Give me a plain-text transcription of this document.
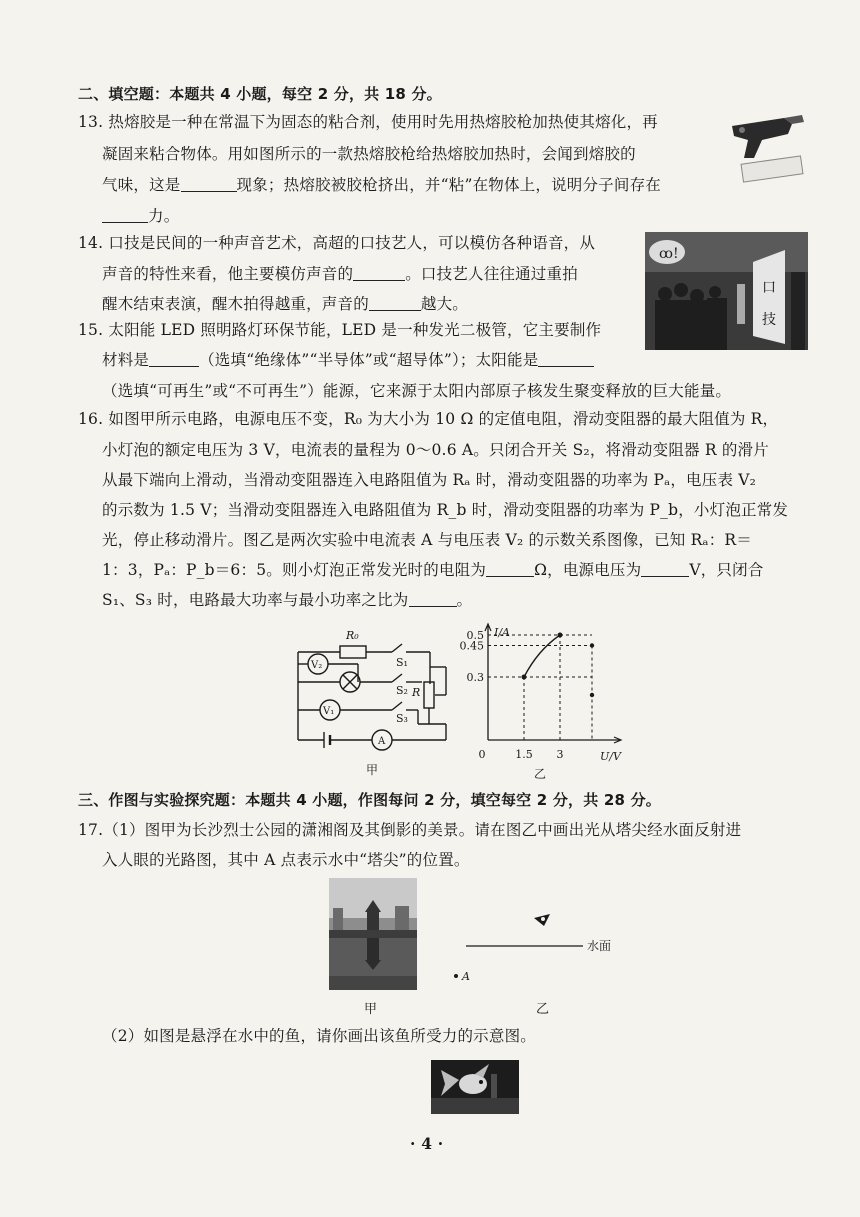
二、填空题：本题共 4 小题，每空 2 分，共 18 分。
13. 热熔胶是一种在常温下为固态的粘合剂，使用时先用热熔胶枪加热使其熔化，再
凝固来粘合物体。用如图所示的一款热熔胶枪给热熔胶加热时，会闻到熔胶的
气味，这是	现象；热熔胶被胶枪挤出，并“粘”在物体上，说明分子间存在
力。
14. 口技是民间的一种声音艺术，高超的口技艺人，可以模仿各种语音，从
声音的特性来看，他主要模仿声音的	。口技艺人往往通过重拍
醒木结束表演，醒木拍得越重，声音的	越大。
ꝏ!
口
技
15. 太阳能 LED 照明路灯环保节能，LED 是一种发光二极管，它主要制作
材料是	（选填“绝缘体”“半导体”或“超导体”）；太阳能是
（选填“可再生”或“不可再生”）能源，它来源于太阳内部原子核发生聚变释放的巨大能量。
16. 如图甲所示电路，电源电压不变，R₀ 为大小为 10 Ω 的定值电阻，滑动变阻器的最大阻值为 R，
小灯泡的额定电压为 3 V，电流表的量程为 0～0.6 A。只闭合开关 S₂，将滑动变阻器 R 的滑片
从最下端向上滑动，当滑动变阻器连入电路阻值为 Rₐ 时，滑动变阻器的功率为 Pₐ，电压表 V₂
的示数为 1.5 V；当滑动变阻器连入电路阻值为 R_b 时，滑动变阻器的功率为 P_b，小灯泡正常发
光，停止移动滑片。图乙是两次实验中电流表 A 与电压表 V₂ 的示数关系图像，已知 Rₐ：R＝
1：3，Pₐ：P_b＝6：5。则小灯泡正常发光时的电阻为	Ω，电源电压为	V，只闭合
S₁、S₃ 时，电路最大功率与最小功率之比为	。
R₀
V₂	S₁
S₂ R
V₁
S₃
A
甲
I/A
U/V
0	1.5 3
0.3
0.45
0.5
乙
三、作图与实验探究题：本题共 4 小题，作图每问 2 分，填空每空 2 分，共 28 分。
17.（1）图甲为长沙烈士公园的潇湘阁及其倒影的美景。请在图乙中画出光从塔尖经水面反射进
入人眼的光路图，其中 A 点表示水中“塔尖”的位置。
甲
水面
A
乙
（2）如图是悬浮在水中的鱼，请你画出该鱼所受力的示意图。
· 4 ·
